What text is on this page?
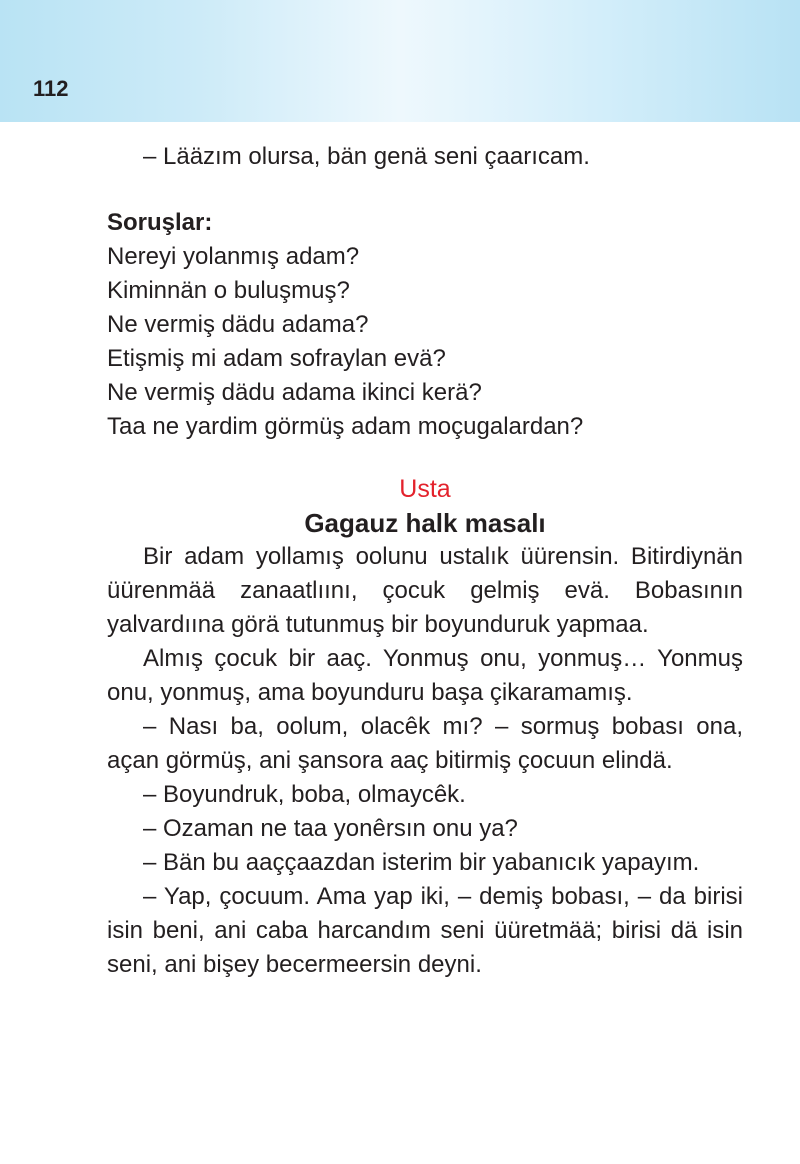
112

– Lääzım olursa, bän genä seni çaarıcam.

Soruşlar:

Nereyi yolanmış adam?

Kiminnän o buluşmuş?

Ne vermiş dädu adama?

Etişmiş mi adam sofraylan evä?

Ne vermiş dädu adama ikinci kerä?

Taa ne yardim görmüş adam moçugalardan?

Usta

Gagauz halk masalı

Bir adam yollamış oolunu ustalık üürensin. Bitirdiynän üürenmää zanaatlıını, çocuk gelmiş evä. Bobasının yalvardıına görä tutunmuş bir boyunduruk yapmaa.

Almış çocuk bir aaç. Yonmuş onu, yonmuş… Yonmuş onu, yonmuş, ama boyunduru başa çikaramamış.

– Nası ba, oolum, olacêk mı? – sormuş bobası ona, açan görmüş, ani şansora aaç bitirmiş çocuun elindä.

– Boyundruk, boba, olmaycêk.

– Ozaman ne taa yonêrsın onu ya?

– Bän bu aaççaazdan isterim bir yabanıcık yapayım.

– Yap, çocuum. Ama yap iki, – demiş bobası, – da birisi isin beni, ani caba harcandım seni üüretmää; birisi dä isin seni, ani bişey becermeersin deyni.
